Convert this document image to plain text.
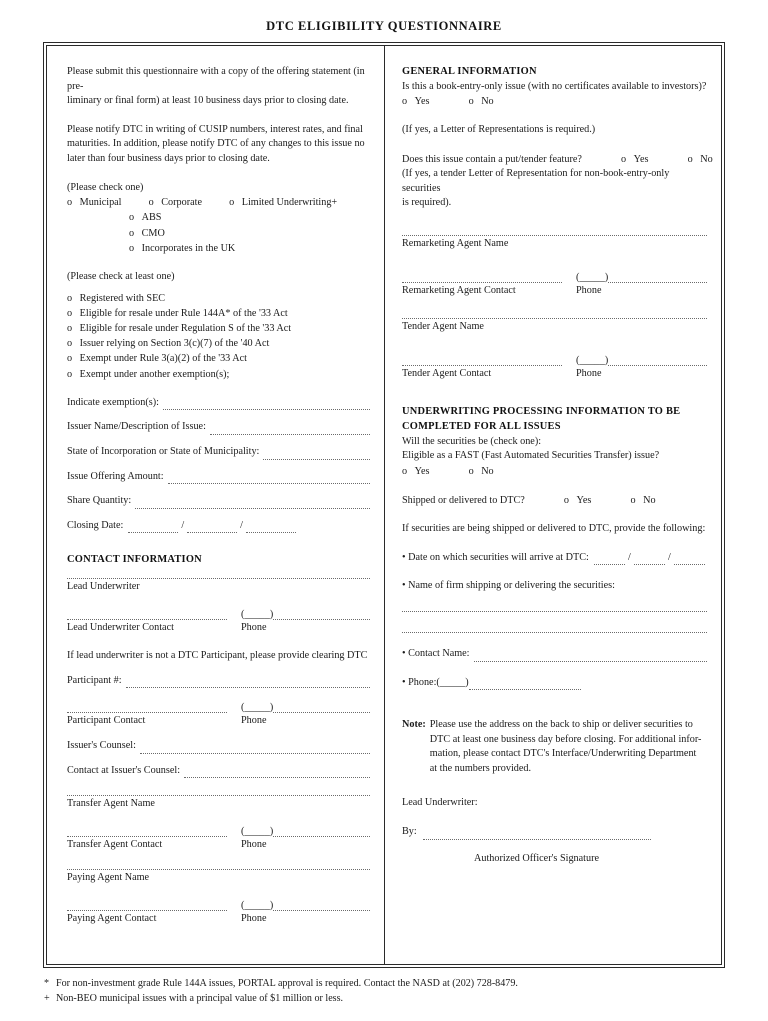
DTC ELIGIBILITY QUESTIONNAIRE

Please submit this questionnaire with a copy of the offering statement (in pre-
liminary or final form) at least 10 business days prior to closing date.

Please notify DTC in writing of CUSIP numbers, interest rates, and final
maturities. In addition, please notify DTC of any changes to this issue no
later than four business days prior to closing date.

(Please check one)

o Municipal	o Corporate	o Limited Underwriting+
o ABS
o CMO
o Incorporates in the UK

(Please check at least one)

o Registered with SEC
o Eligible for resale under Rule 144A* of the '33 Act
o Eligible for resale under Regulation S of the '33 Act
o Issuer relying on Section 3(c)(7) of the '40 Act
o Exempt under Rule 3(a)(2) of the '33 Act
o Exempt under another exemption(s);
Indicate exemption(s):
Issuer Name/Description of Issue:
State of Incorporation or State of Municipality:
Issue Offering Amount:
Share Quantity:
Closing Date:	/	/

CONTACT INFORMATION

Lead Underwriter

(_____)
Lead Underwriter Contact	Phone

If lead underwriter is not a DTC Participant, please provide clearing DTC

Participant #:
(_____)
Participant Contact	Phone
Issuer's Counsel:
Contact at Issuer's Counsel:

Transfer Agent Name

(_____)
Transfer Agent Contact	Phone

Paying Agent Name

(_____)
Paying Agent Contact	Phone

GENERAL INFORMATION

Is this a book-entry-only issue (with no certificates available to investors)?

o Yes	o No

(If yes, a Letter of Representations is required.)

Does this issue contain a put/tender feature?	o Yes	o No

(If yes, a tender Letter of Representation for non-book-entry-only securities
is required).

Remarketing Agent Name

(_____)
Remarketing Agent Contact	Phone

Tender Agent Name

(_____)
Tender Agent Contact	Phone

UNDERWRITING PROCESSING INFORMATION TO BE
COMPLETED FOR ALL ISSUES

Will the securities be (check one):

Eligible as a FAST (Fast Automated Securities Transfer) issue?

o Yes	o No
Shipped or delivered to DTC?	o Yes	o No

If securities are being shipped or delivered to DTC, provide the following:

• Date on which securities will arrive at DTC:	/	/

• Name of firm shipping or delivering the securities:

• Contact Name:
• Phone:(_____)
Note: Please use the address on the back to ship or deliver securities to
DTC at least one business day before closing. For additional infor-
mation, please contact DTC's Interface/Underwriting Department
at the numbers provided.

Lead Underwriter:

By:

Authorized Officer's Signature

* For non-investment grade Rule 144A issues, PORTAL approval is required. Contact the NASD at (202) 728-8479.
+ Non-BEO municipal issues with a principal value of $1 million or less.
